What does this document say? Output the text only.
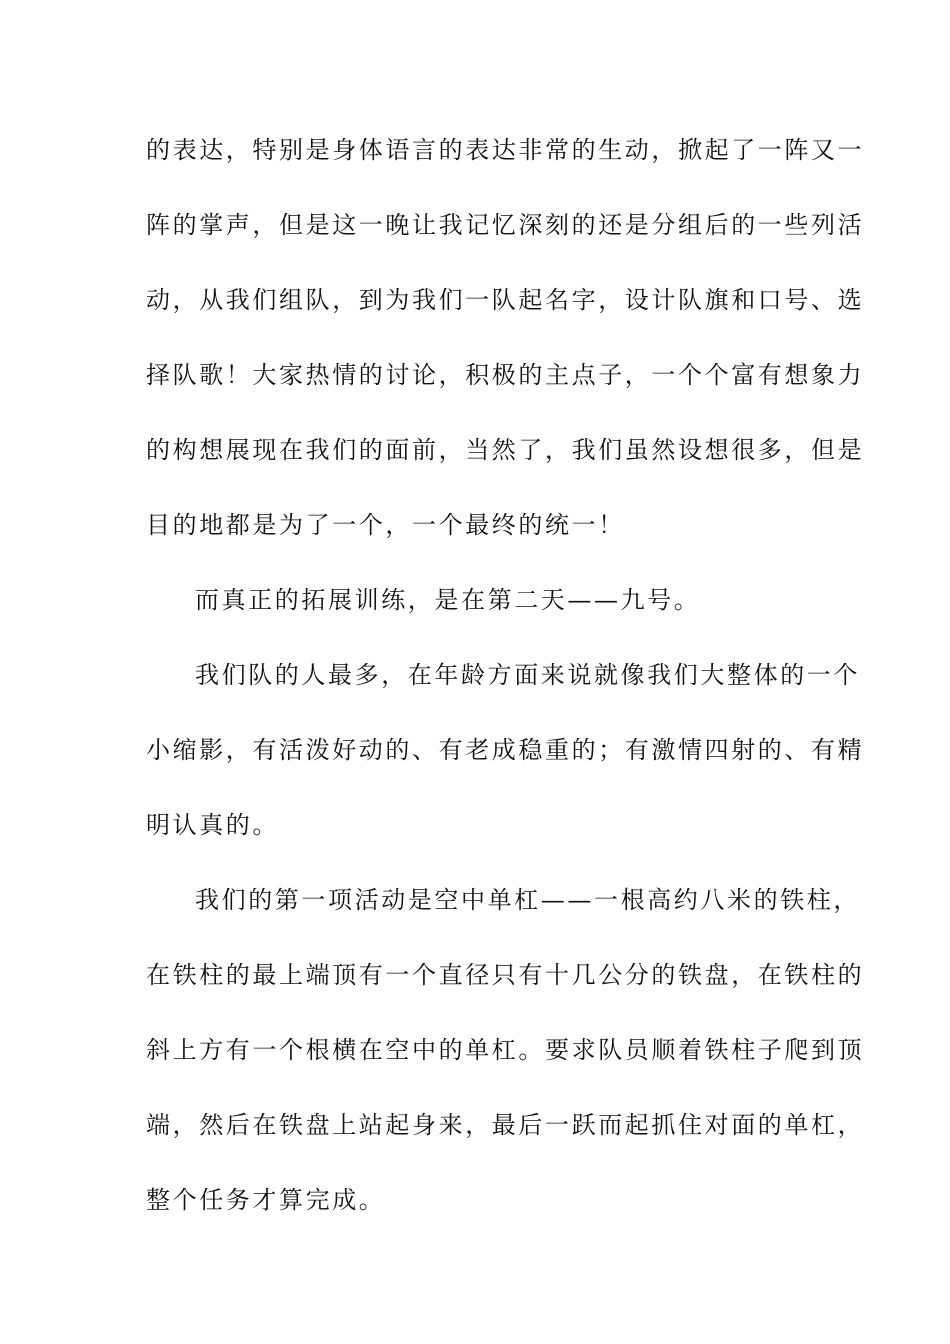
的表达，特别是身体语言的表达非常的生动，掀起了一阵又一
阵的掌声，但是这一晚让我记忆深刻的还是分组后的一些列活
动，从我们组队，到为我们一队起名字，设计队旗和口号、选
择队歌！大家热情的讨论，积极的主点子，一个个富有想象力
的构想展现在我们的面前，当然了，我们虽然设想很多，但是
目的地都是为了一个，一个最终的统一！
而真正的拓展训练，是在第二天——九号。
我们队的人最多，在年龄方面来说就像我们大整体的一个
小缩影，有活泼好动的、有老成稳重的；有激情四射的、有精
明认真的。
我们的第一项活动是空中单杠——一根高约八米的铁柱，
在铁柱的最上端顶有一个直径只有十几公分的铁盘，在铁柱的
斜上方有一个根横在空中的单杠。要求队员顺着铁柱子爬到顶
端，然后在铁盘上站起身来，最后一跃而起抓住对面的单杠，
整个任务才算完成。
